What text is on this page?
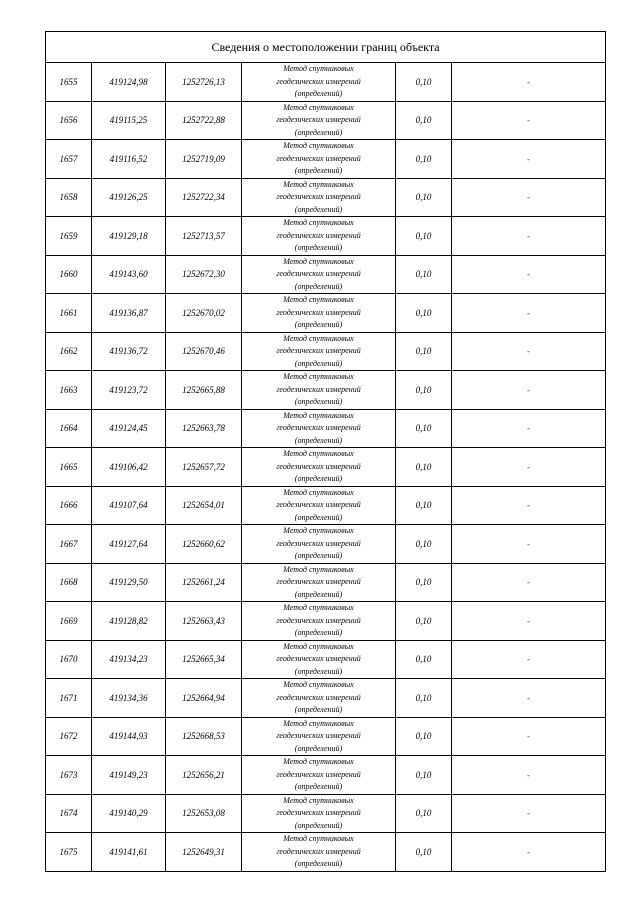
Сведения о местоположении границ объекта					
1655	419124,98	1252726,13	Метод спутниковых
геодезических измерений
(определений)	0,10	-
1656	419115,25	1252722,88	Метод спутниковых
геодезических измерений
(определений)	0,10	-
1657	419116,52	1252719,09	Метод спутниковых
геодезических измерений
(определений)	0,10	-
1658	419126,25	1252722,34	Метод спутниковых
геодезических измерений
(определений)	0,10	-
1659	419129,18	1252713,57	Метод спутниковых
геодезических измерений
(определений)	0,10	-
1660	419143,60	1252672,30	Метод спутниковых
геодезических измерений
(определений)	0,10	-
1661	419136,87	1252670,02	Метод спутниковых
геодезических измерений
(определений)	0,10	-
1662	419136,72	1252670,46	Метод спутниковых
геодезических измерений
(определений)	0,10	-
1663	419123,72	1252665,88	Метод спутниковых
геодезических измерений
(определений)	0,10	-
1664	419124,45	1252663,78	Метод спутниковых
геодезических измерений
(определений)	0,10	-
1665	419106,42	1252657,72	Метод спутниковых
геодезических измерений
(определений)	0,10	-
1666	419107,64	1252654,01	Метод спутниковых
геодезических измерений
(определений)	0,10	-
1667	419127,64	1252660,62	Метод спутниковых
геодезических измерений
(определений)	0,10	-
1668	419129,50	1252661,24	Метод спутниковых
геодезических измерений
(определений)	0,10	-
1669	419128,82	1252663,43	Метод спутниковых
геодезических измерений
(определений)	0,10	-
1670	419134,23	1252665,34	Метод спутниковых
геодезических измерений
(определений)	0,10	-
1671	419134,36	1252664,94	Метод спутниковых
геодезических измерений
(определений)	0,10	-
1672	419144,93	1252668,53	Метод спутниковых
геодезических измерений
(определений)	0,10	-
1673	419149,23	1252656,21	Метод спутниковых
геодезических измерений
(определений)	0,10	-
1674	419140,29	1252653,08	Метод спутниковых
геодезических измерений
(определений)	0,10	-
1675	419141,61	1252649,31	Метод спутниковых
геодезических измерений
(определений)	0,10	-
